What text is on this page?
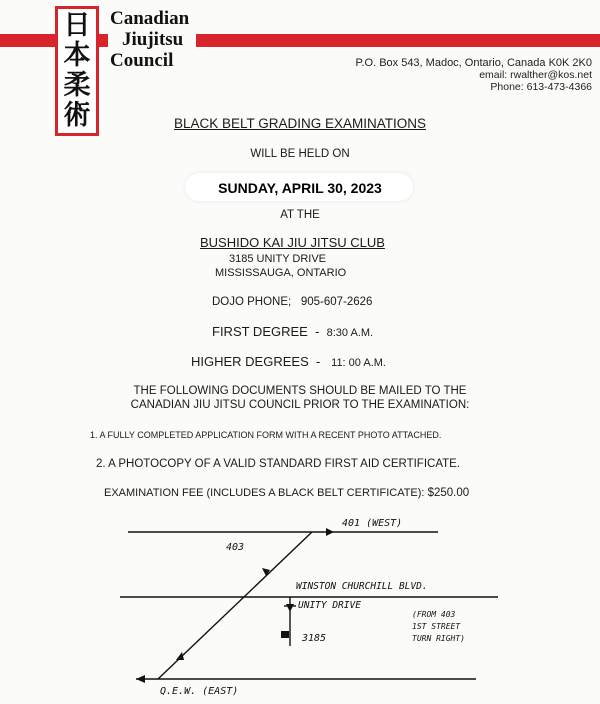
日
本
柔
術
Canadian
Jiujitsu
Council	P.O. Box 543, Madoc, Ontario, Canada K0K 2K0
email: rwalther@kos.net
Phone: 613-473-4366
BLACK BELT GRADING EXAMINATIONS
WILL BE HELD ON
SUNDAY, APRIL 30, 2023
AT THE
BUSHIDO KAI JIU JITSU CLUB
3185 UNITY DRIVE
MISSISSAUGA, ONTARIO
DOJO PHONE; 905-607-2626
FIRST DEGREE  -  8:30 A.M.
HIGHER DEGREES  -   11: 00 A.M.
THE FOLLOWING DOCUMENTS SHOULD BE MAILED TO THE
CANADIAN JIU JITSU COUNCIL PRIOR TO THE EXAMINATION:
1. A FULLY COMPLETED APPLICATION FORM WITH A RECENT PHOTO ATTACHED.
2. A PHOTOCOPY OF A VALID STANDARD FIRST AID CERTIFICATE.
EXAMINATION FEE (INCLUDES A BLACK BELT CERTIFICATE): $250.00
401 (WEST)
403
WINSTON CHURCHILL BLVD.
UNITY DRIVE
(FROM 403
1ST STREET
TURN RIGHT)
3185
Q.E.W. (EAST)
